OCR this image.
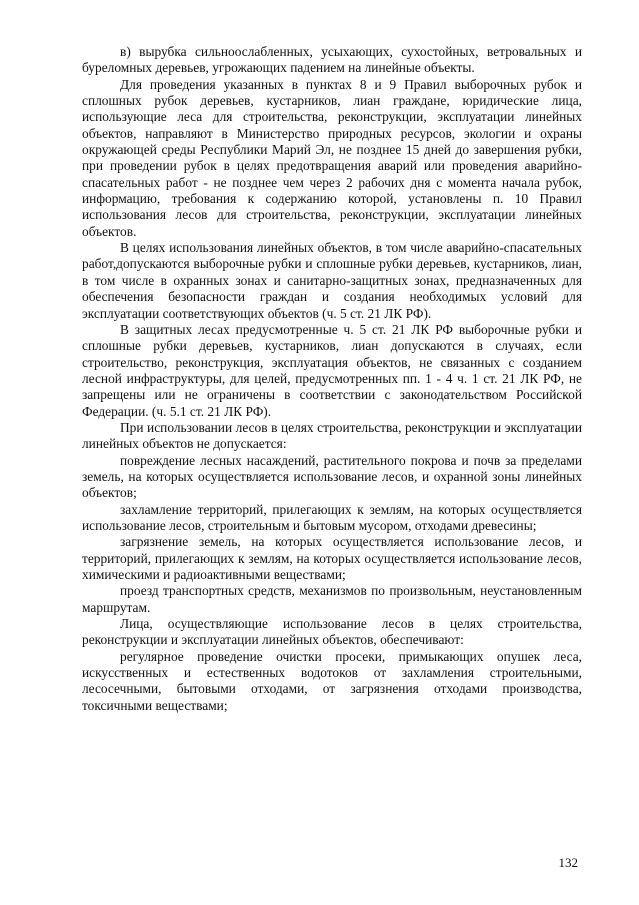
в) вырубка сильноослабленных, усыхающих, сухостойных, ветровальных и буреломных деревьев, угрожающих падением на линейные объекты.

Для проведения указанных в пунктах 8 и 9 Правил выборочных рубок и сплошных рубок деревьев, кустарников, лиан граждане, юридические лица, использующие леса для строительства, реконструкции, эксплуатации линейных объектов, направляют в Министерство природных ресурсов, экологии и охраны окружающей среды Республики Марий Эл, не позднее 15 дней до завершения рубки, при проведении рубок в целях предотвращения аварий или проведения аварийно-спасательных работ - не позднее чем через 2 рабочих дня с момента начала рубок, информацию, требования к содержанию которой, установлены п. 10 Правил использования лесов для строительства, реконструкции, эксплуатации линейных объектов.

В целях использования линейных объектов, в том числе аварийно-спасательных работ,допускаются выборочные рубки и сплошные рубки деревьев, кустарников, лиан, в том числе в охранных зонах и санитарно-защитных зонах, предназначенных для обеспечения безопасности граждан и создания необходимых условий для эксплуатации соответствующих объектов (ч. 5 ст. 21 ЛК РФ).

В защитных лесах предусмотренные ч. 5 ст. 21 ЛК РФ выборочные рубки и сплошные рубки деревьев, кустарников, лиан допускаются в случаях, если строительство, реконструкция, эксплуатация объектов, не связанных с созданием лесной инфраструктуры, для целей, предусмотренных пп. 1 - 4 ч. 1 ст. 21 ЛК РФ, не запрещены или не ограничены в соответствии с законодательством Российской Федерации. (ч. 5.1 ст. 21 ЛК РФ).

При использовании лесов в целях строительства, реконструкции и эксплуатации линейных объектов не допускается:

повреждение лесных насаждений, растительного покрова и почв за пределами земель, на которых осуществляется использование лесов, и охранной зоны линейных объектов;

захламление территорий, прилегающих к землям, на которых осуществляется использование лесов, строительным и бытовым мусором, отходами древесины;

загрязнение земель, на которых осуществляется использование лесов, и территорий, прилегающих к землям, на которых осуществляется использование лесов, химическими и радиоактивными веществами;

проезд транспортных средств, механизмов по произвольным, неустановленным маршрутам.

Лица, осуществляющие использование лесов в целях строительства, реконструкции и эксплуатации линейных объектов, обеспечивают:

регулярное проведение очистки просеки, примыкающих опушек леса, искусственных и естественных водотоков от захламления строительными, лесосечными, бытовыми отходами, от загрязнения отходами производства, токсичными веществами;

132
